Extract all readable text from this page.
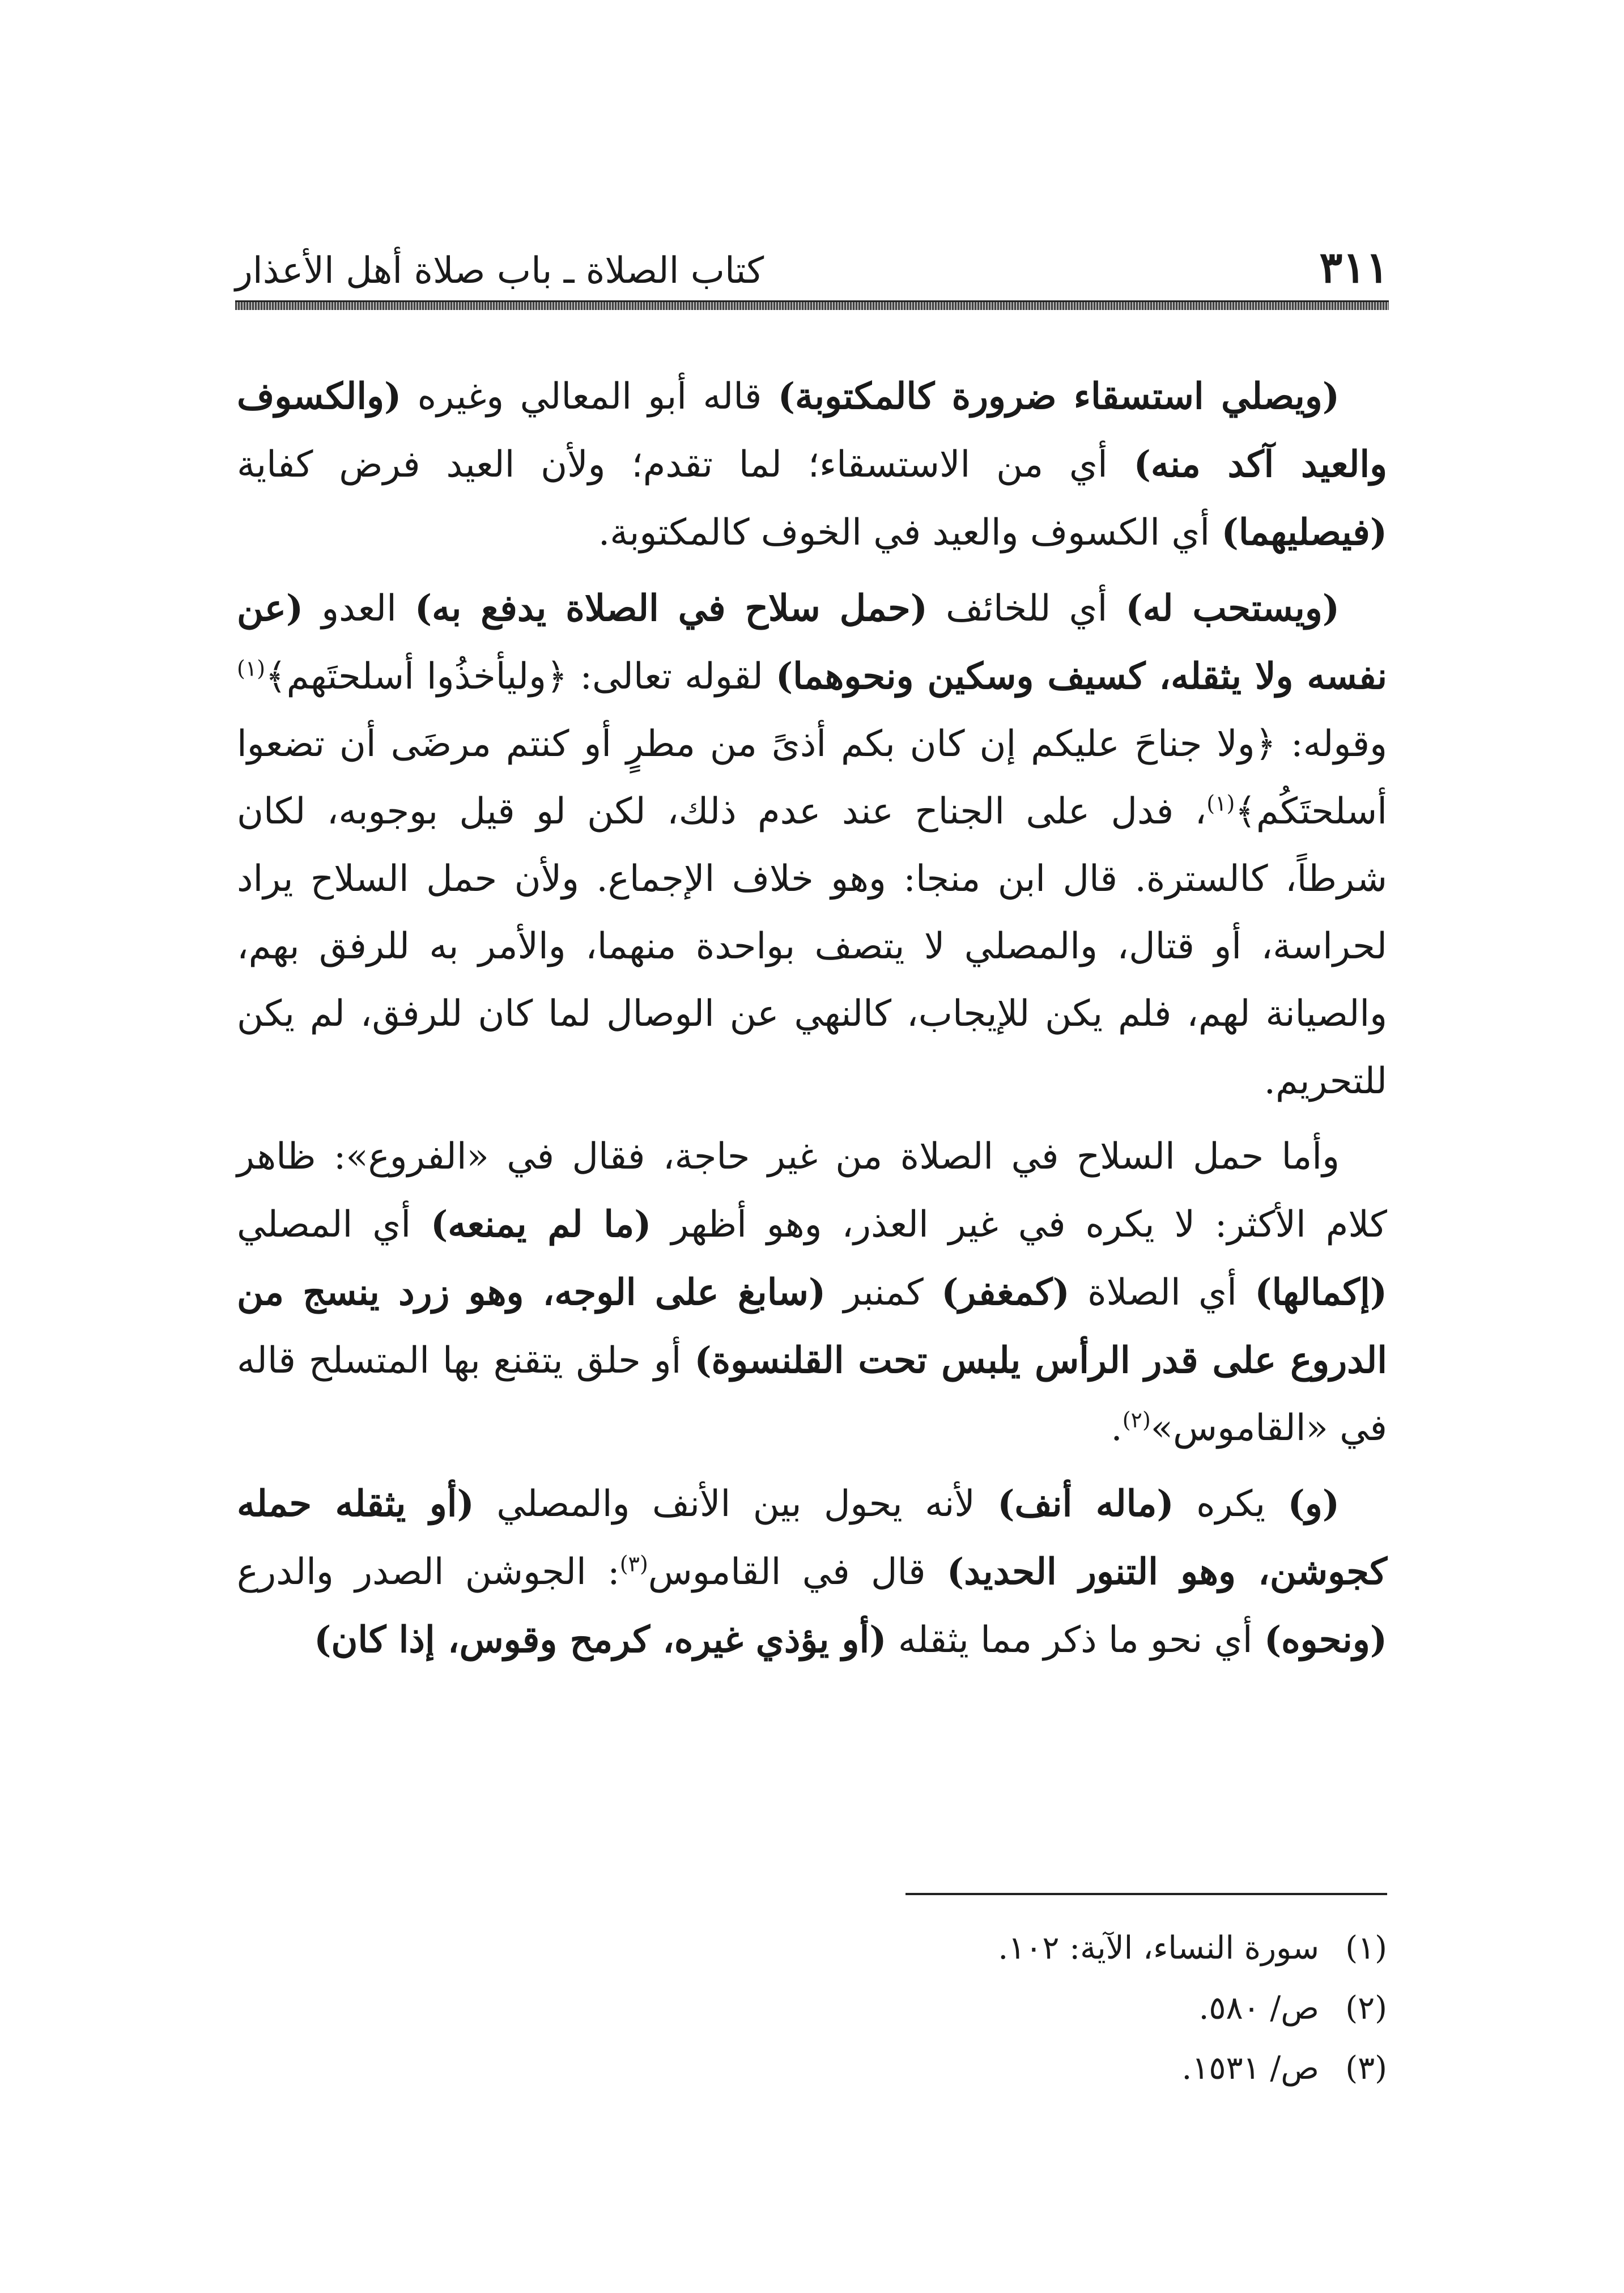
٣١١
كتاب الصلاة ـ باب صلاة أهل الأعذار

(ويصلي استسقاء ضرورة كالمكتوبة) قاله أبو المعالي وغيره (والكسوف والعيد آكد منه) أي من الاستسقاء؛ لما تقدم؛ ولأن العيد فرض كفاية (فيصليهما) أي الكسوف والعيد في الخوف كالمكتوبة.

(ويستحب له) أي للخائف (حمل سلاح في الصلاة يدفع به) العدو (عن نفسه ولا يثقله، كسيف وسكين ونحوهما) لقوله تعالى: ﴿وليأخذُوا أسلحتَهم﴾$^{(١)}$ وقوله: ﴿ولا جناحَ عليكم إن كان بكم أذىً من مطرٍ أو كنتم مرضَى أن تضعوا أسلحتَكُم﴾$^{(١)}$، فدل على الجناح عند عدم ذلك، لكن لو قيل بوجوبه، لكان شرطاً، كالسترة. قال ابن منجا: وهو خلاف الإجماع. ولأن حمل السلاح يراد لحراسة، أو قتال، والمصلي لا يتصف بواحدة منهما، والأمر به للرفق بهم، والصيانة لهم، فلم يكن للإيجاب، كالنهي عن الوصال لما كان للرفق، لم يكن للتحريم.

وأما حمل السلاح في الصلاة من غير حاجة، فقال في «الفروع»: ظاهر كلام الأكثر: لا يكره في غير العذر، وهو أظهر (ما لم يمنعه) أي المصلي (إكمالها) أي الصلاة (كمغفر) كمنبر (سابغ على الوجه، وهو زرد ينسج من الدروع على قدر الرأس يلبس تحت القلنسوة) أو حلق يتقنع بها المتسلح قاله في «القاموس»$^{(٢)}$.

(و) يكره (ماله أنف) لأنه يحول بين الأنف والمصلي (أو يثقله حمله كجوشن، وهو التنور الحديد) قال في القاموس$^{(٣)}$: الجوشن الصدر والدرع (ونحوه) أي نحو ما ذكر مما يثقله (أو يؤذي غيره، كرمح وقوس، إذا كان)

(١)
سورة النساء، الآية: ١٠٢.
(٢)
ص/ ٥٨٠.
(٣)
ص/ ١٥٣١.
